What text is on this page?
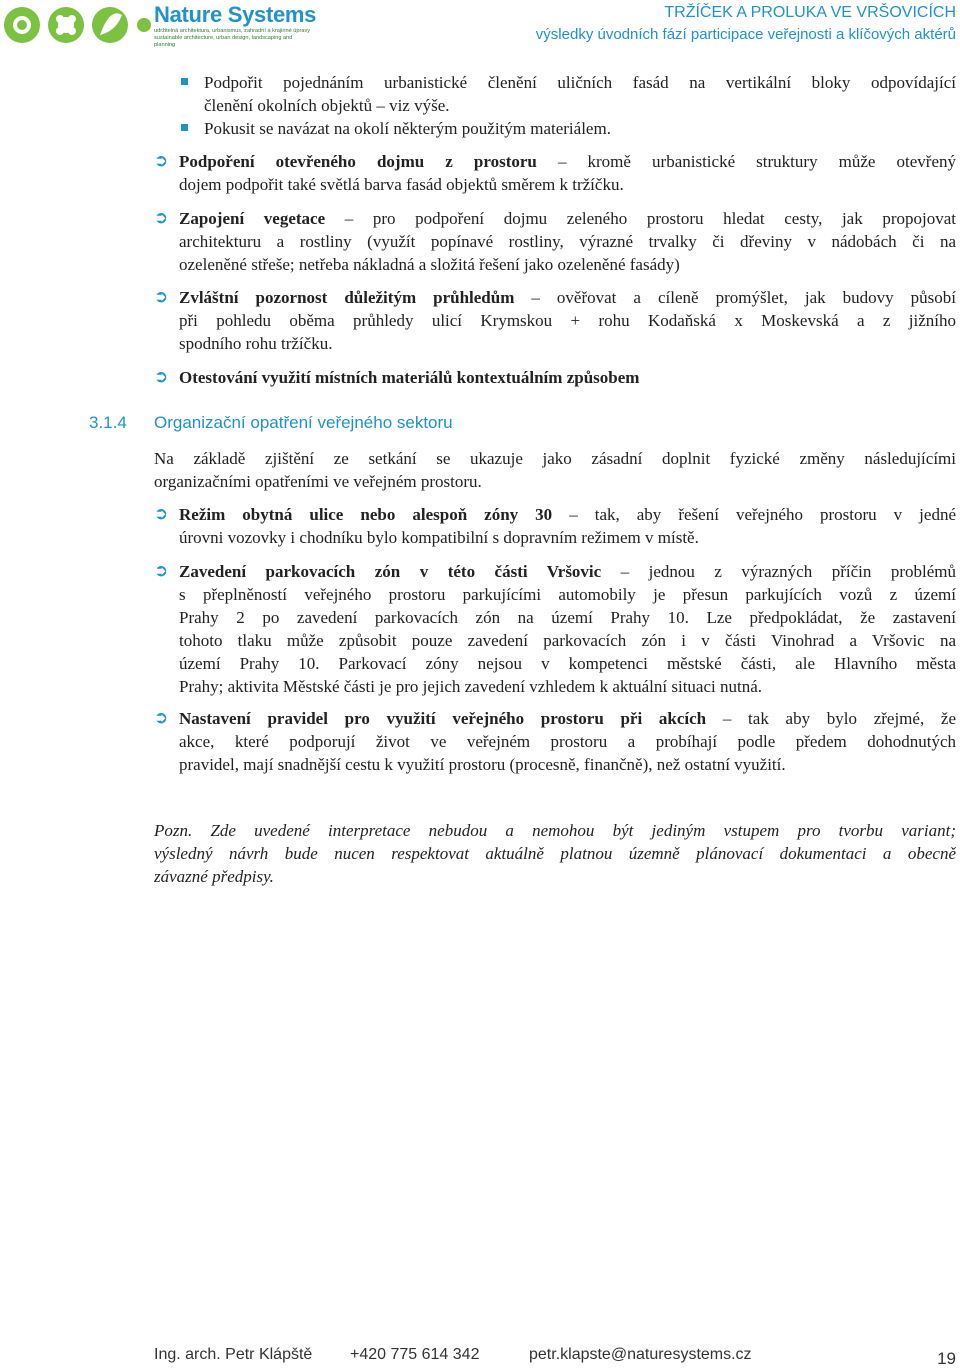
Nature Systems
udržitelná architektura, urbanismus, zahradní a krajinné úpravy
sustainable architecture, urban design, landscaping and planning
TRŽÍČEK A PROLUKA VE VRŠOVICÍCH
výsledky úvodních fází participace veřejnosti a klíčových aktérů
Podpořit pojednáním urbanistické členění uličních fasád na vertikální bloky odpovídající
členění okolních objektů – viz výše.
Pokusit se navázat na okolí některým použitým materiálem.
➲ Podpoření otevřeného dojmu z prostoru – kromě urbanistické struktury může otevřený
dojem podpořit také světlá barva fasád objektů směrem k tržíčku.
➲ Zapojení vegetace – pro podpoření dojmu zeleného prostoru hledat cesty, jak propojovat
architekturu a rostliny (využít popínavé rostliny, výrazné trvalky či dřeviny v nádobách či na
ozeleněné střeše; netřeba nákladná a složitá řešení jako ozeleněné fasády)
➲ Zvláštní pozornost důležitým průhledům – ověřovat a cíleně promýšlet, jak budovy působí
při pohledu oběma průhledy ulicí Krymskou + rohu Kodaňská x Moskevská a z jižního
spodního rohu tržíčku.
➲ Otestování využití místních materiálů kontextuálním způsobem
3.1.4 Organizační opatření veřejného sektoru
Na základě zjištění ze setkání se ukazuje jako zásadní doplnit fyzické změny následujícími
organizačními opatřeními ve veřejném prostoru.
➲ Režim obytná ulice nebo alespoň zóny 30 – tak, aby řešení veřejného prostoru v jedné
úrovni vozovky i chodníku bylo kompatibilní s dopravním režimem v místě.
➲ Zavedení parkovacích zón v této části Vršovic – jednou z výrazných příčin problémů
s přeplněností veřejného prostoru parkujícími automobily je přesun parkujících vozů z území
Prahy 2 po zavedení parkovacích zón na území Prahy 10. Lze předpokládat, že zastavení
tohoto tlaku může způsobit pouze zavedení parkovacích zón i v části Vinohrad a Vršovic na
území Prahy 10. Parkovací zóny nejsou v kompetenci městské části, ale Hlavního města
Prahy; aktivita Městské části je pro jejich zavedení vzhledem k aktuální situaci nutná.
➲ Nastavení pravidel pro využití veřejného prostoru při akcích – tak aby bylo zřejmé, že
akce, které podporují život ve veřejném prostoru a probíhají podle předem dohodnutých
pravidel, mají snadnější cestu k využití prostoru (procesně, finančně), než ostatní využití.
Pozn. Zde uvedené interpretace nebudou a nemohou být jediným vstupem pro tvorbu variant;
výsledný návrh bude nucen respektovat aktuálně platnou územně plánovací dokumentaci a obecně
závazné předpisy.
Ing. arch. Petr Klápště +420 775 614 342	petr.klapste@naturesystems.cz	19
